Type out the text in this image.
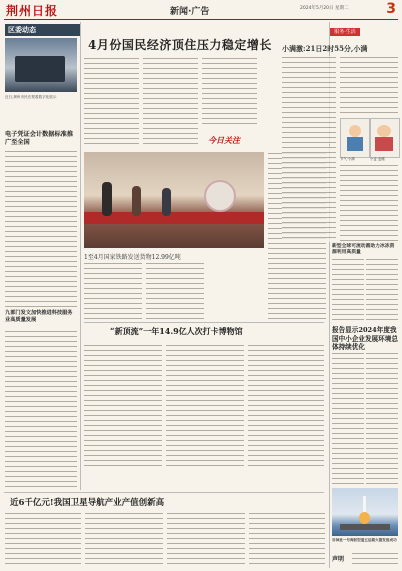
荆州日报	新闻·广告	2024年5月20日 星期二	3
区委动态
近日,荆州市民在观看数字化展示
电子凭证会计数据标准推广至全国
九部门发文加快推进科技服务业高质量发展
4月份国民经济顶住压力稳定增长
今日关注
1至4月国家铁路发送货物12.99亿吨
“新顶流”一年14.9亿人次打卡博物馆
近6千亿元!我国卫星导航产业产值创新高
服务·生活
小满激:21日2时55分,小满
节气·小满	小麦·麦穗
新型全球可流动圆助力冰冻资源利用高质量
报告显示2024年度我国中小企业发展环境总体持续优化
谷神星一号海射型遥五运载火箭发射成功
声明
